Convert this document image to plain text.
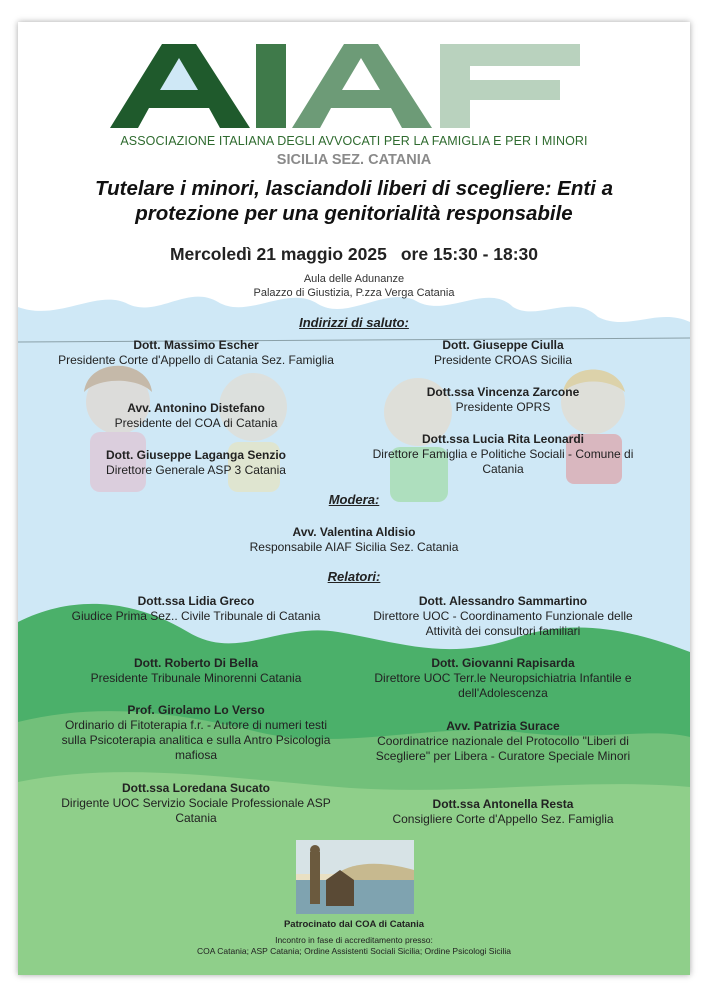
ASSOCIAZIONE ITALIANA DEGLI AVVOCATI PER LA FAMIGLIA E PER I MINORI
SICILIA SEZ. CATANIA
Tutelare i minori, lasciandoli liberi di scegliere: Enti a
protezione per una genitorialità responsabile
Mercoledì 21 maggio 2025 ore 15:30 - 18:30
Aula delle Adunanze
Palazzo di Giustizia, P.zza Verga Catania
Indirizzi di saluto:
Dott. Massimo Escher
Presidente Corte d'Appello di Catania Sez. Famiglia
Avv. Antonino Distefano
Presidente del COA di Catania
Dott. Giuseppe Laganga Senzio
Direttore Generale ASP 3 Catania
Dott. Giuseppe Ciulla
Presidente CROAS Sicilia
Dott.ssa Vincenza Zarcone
Presidente OPRS
Dott.ssa Lucia Rita Leonardi
Direttore Famiglia e Politiche Sociali - Comune di Catania
Modera:
Avv. Valentina Aldisio
Responsabile AIAF Sicilia Sez. Catania
Relatori:
Dott.ssa Lidia Greco
Giudice Prima Sez.. Civile Tribunale di Catania
Dott. Roberto Di Bella
Presidente Tribunale Minorenni Catania
Prof. Girolamo Lo Verso
Ordinario di Fitoterapia f.r. - Autore di numeri testi sulla Psicoterapia analitica e sulla Antro Psicologia mafiosa
Dott.ssa Loredana Sucato
Dirigente UOC Servizio Sociale Professionale ASP Catania
Dott. Alessandro Sammartino
Direttore UOC - Coordinamento Funzionale delle Attività dei consultori familiari
Dott. Giovanni Rapisarda
Direttore UOC Terr.le Neuropsichiatria Infantile e dell'Adolescenza
Avv. Patrizia Surace
Coordinatrice nazionale del Protocollo "Liberi di Scegliere" per Libera - Curatore Speciale Minori
Dott.ssa Antonella Resta
Consigliere Corte d'Appello Sez. Famiglia
Patrocinato dal COA di Catania
Incontro in fase di accreditamento presso:
COA Catania; ASP Catania; Ordine Assistenti Sociali Sicilia; Ordine Psicologi Sicilia
